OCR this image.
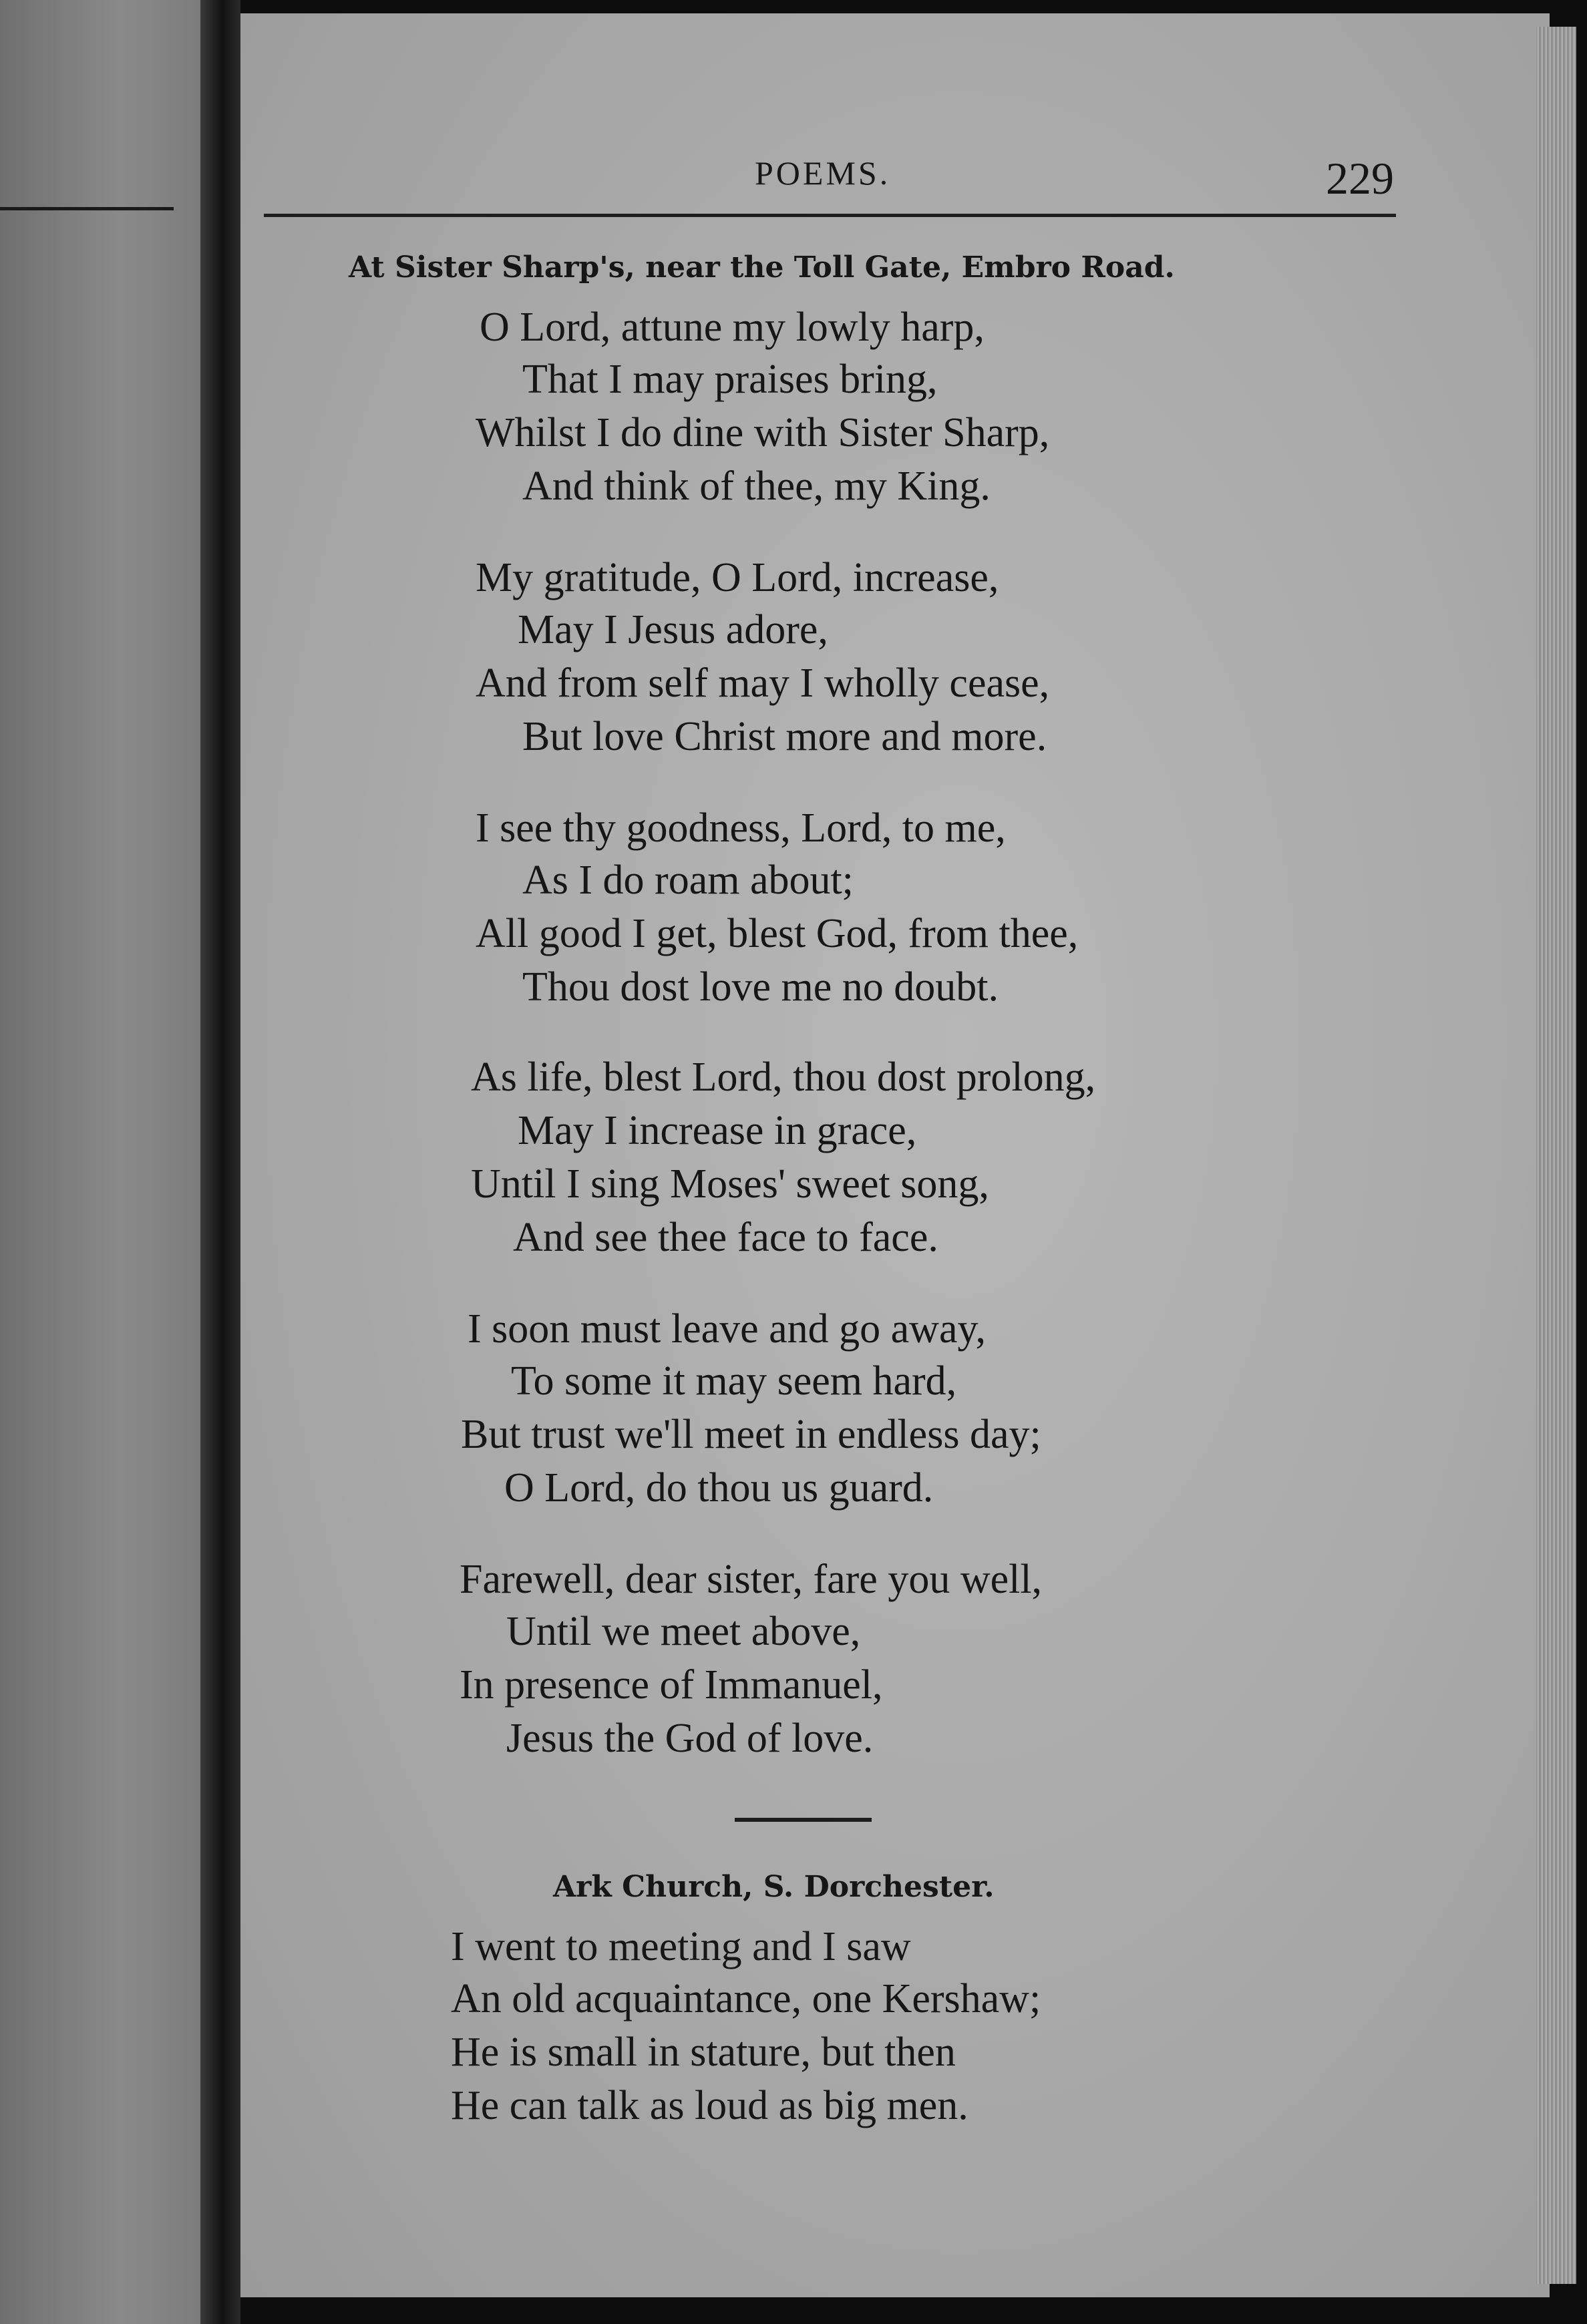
POEMS.	229
At Sister Sharp's, near the Toll Gate, Embro Road.
O Lord, attune my lowly harp,
That I may praises bring,
Whilst I do dine with Sister Sharp,
And think of thee, my King.
My gratitude, O Lord, increase,
May I Jesus adore,
And from self may I wholly cease,
But love Christ more and more.
I see thy goodness, Lord, to me,
As I do roam about;
All good I get, blest God, from thee,
Thou dost love me no doubt.
As life, blest Lord, thou dost prolong,
May I increase in grace,
Until I sing Moses' sweet song,
And see thee face to face.
I soon must leave and go away,
To some it may seem hard,
But trust we'll meet in endless day;
O Lord, do thou us guard.
Farewell, dear sister, fare you well,
Until we meet above,
In presence of Immanuel,
Jesus the God of love.
Ark Church, S. Dorchester.
I went to meeting and I saw
An old acquaintance, one Kershaw;
He is small in stature, but then
He can talk as loud as big men.
